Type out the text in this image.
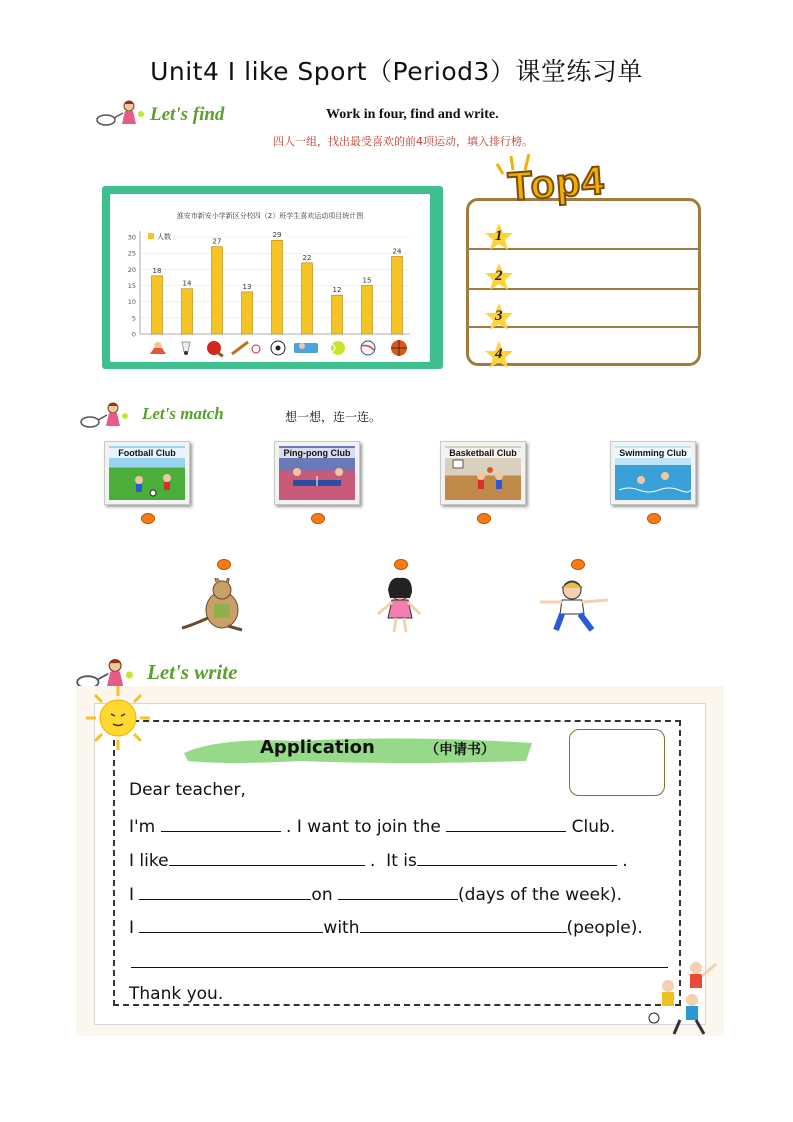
Unit4 I like Sport（Period3）课堂练习单
Let's find	Work in four, find and write.
四人一组，找出最受喜欢的前4项运动，填入排行榜。
淮安市新安小学新区分校四（2）班学生喜欢运动项目统计图
18
14
27
13
29
22
12
15
24
0
5
10
15
20
25
30	人数
Top4
1
2
3
4
Let's match	想一想，连一连。
Football Club	Ping-pong Club	Basketball Club	Swimming Club
Let's write
Application	（申请书）
Dear teacher,
I'm	. I want to join the	Club.
I like	.  It is	.
I	on	(days of the week).
I	with	(people).
Thank you.
